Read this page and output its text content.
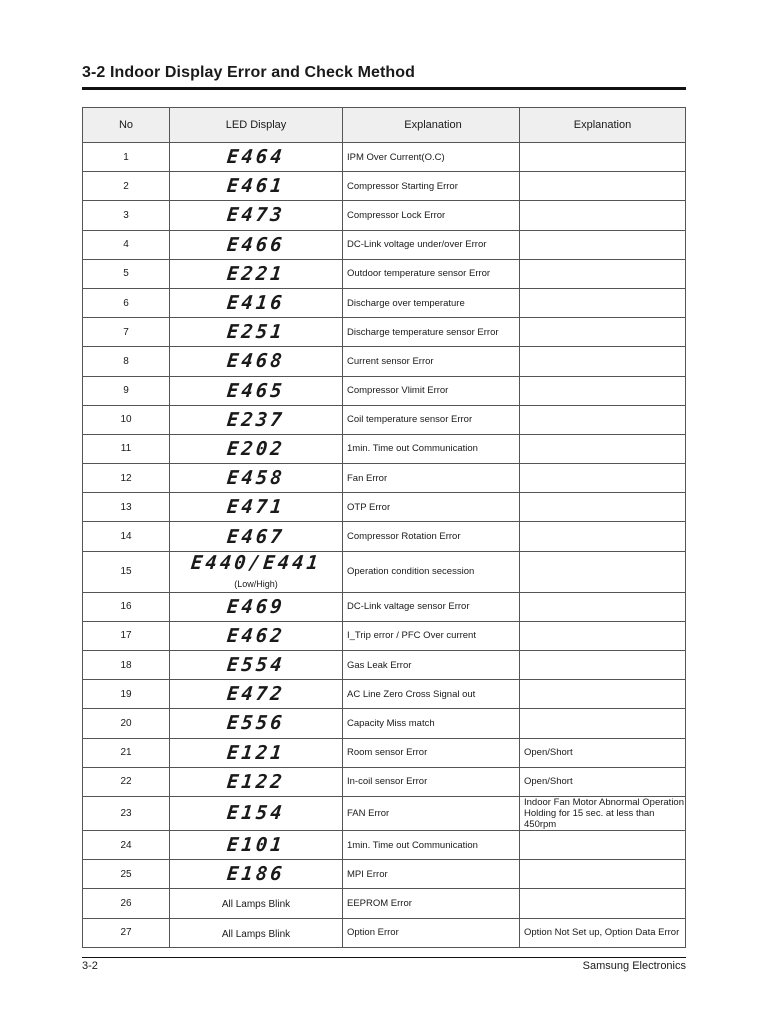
3-2 Indoor Display Error and Check Method
No	LED Display	Explanation	Explanation
1	E464	IPM Over Current(O.C)	
2	E461	Compressor Starting Error	
3	E473	Compressor Lock Error	
4	E466	DC-Link voltage under/over Error	
5	E221	Outdoor temperature sensor Error	
6	E416	Discharge over temperature	
7	E251	Discharge temperature sensor Error	
8	E468	Current sensor Error	
9	E465	Compressor Vlimit Error	
10	E237	Coil temperature sensor Error	
11	E202	1min. Time out Communication	
12	E458	Fan Error	
13	E471	OTP Error	
14	E467	Compressor Rotation Error	
15	E440/E441(Low/High)	Operation condition secession	
16	E469	DC-Link valtage sensor Error	
17	E462	I_Trip error / PFC Over current	
18	E554	Gas Leak Error	
19	E472	AC Line Zero Cross Signal out	
20	E556	Capacity Miss match	
21	E121	Room sensor Error	Open/Short
22	E122	In-coil sensor Error	Open/Short
23	E154	FAN Error	Indoor Fan Motor Abnormal Operation Holding for 15 sec. at less than 450rpm
24	E101	1min. Time out Communication	
25	E186	MPI Error	
26	All Lamps Blink	EEPROM Error	
27	All Lamps Blink	Option Error	Option Not Set up, Option Data Error
3-2	Samsung Electronics
